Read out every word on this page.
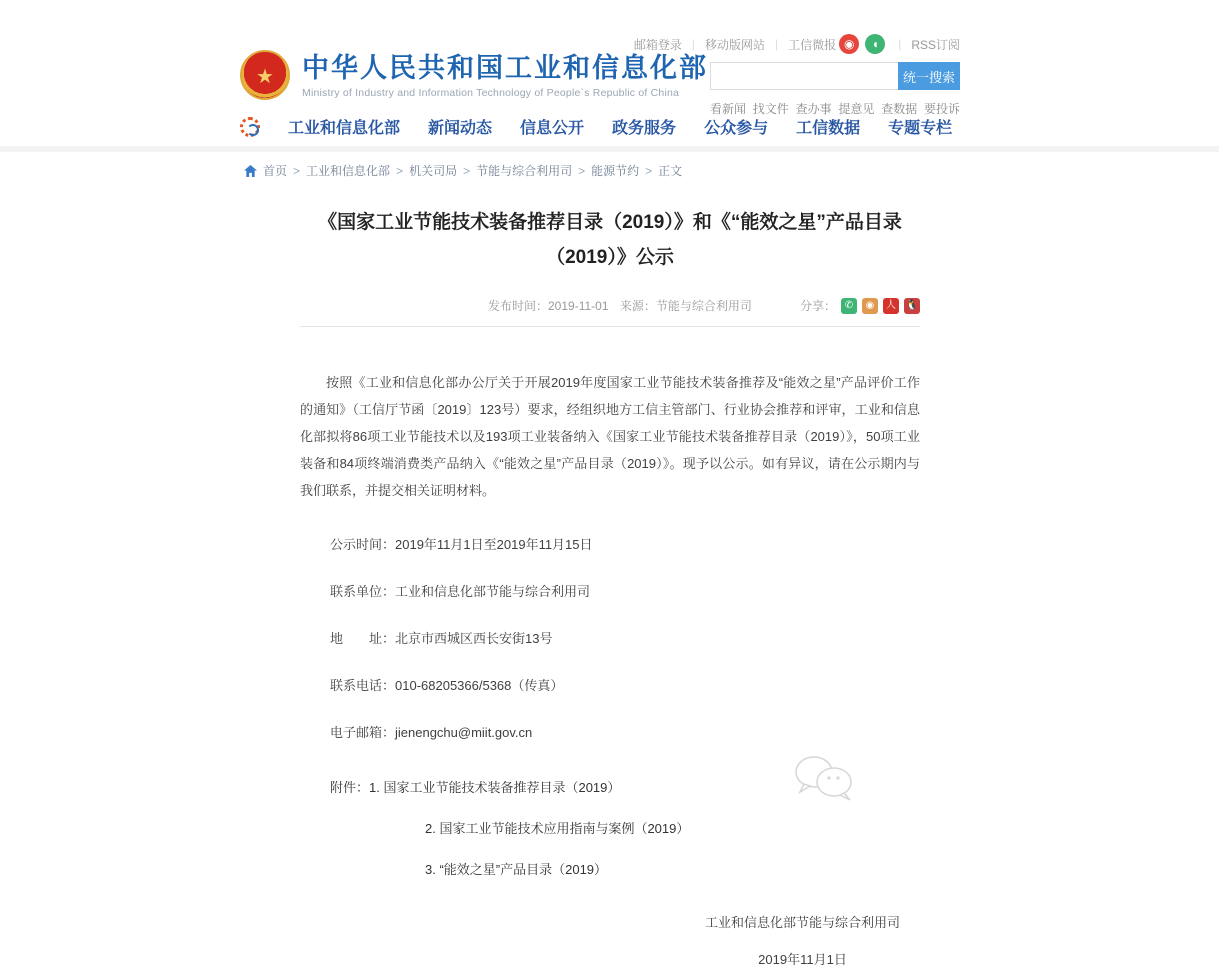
邮箱登录 | 移动版网站 | 工信微报 ◉	◖	| RSS订阅
★	中华人民共和国工业和信息化部
Ministry of Industry and Information Technology of People`s Republic of China
统一搜索
看新闻 找文件 查办事 提意见 查数据 要投诉
工业和信息化部 新闻动态 信息公开 政务服务 公众参与 工信数据 专题专栏
首页 > 工业和信息化部 > 机关司局 > 节能与综合利用司 > 能源节约 > 正文
《国家工业节能技术装备推荐目录（2019）》和《“能效之星”产品目录（2019）》公示
发布时间：2019-11-01 来源：节能与综合利用司	分享： ✆	◉	人 🐧

按照《工业和信息化部办公厅关于开展2019年度国家工业节能技术装备推荐及“能效之星”产品评价工作的通知》（工信厅节函〔2019〕123号）要求，经组织地方工信主管部门、行业协会推荐和评审，工业和信息化部拟将86项工业节能技术以及193项工业装备纳入《国家工业节能技术装备推荐目录（2019）》，50项工业装备和84项终端消费类产品纳入《“能效之星”产品目录（2019）》。现予以公示。如有异议，请在公示期内与我们联系，并提交相关证明材料。

公示时间：2019年11月1日至2019年11月15日

联系单位：工业和信息化部节能与综合利用司

地　　址：北京市西城区西长安街13号

联系电话：010-68205366/5368（传真）

电子邮箱：jienengchu@miit.gov.cn

附件：1. 国家工业节能技术装备推荐目录（2019）

2. 国家工业节能技术应用指南与案例（2019）

3. “能效之星”产品目录（2019）

工业和信息化部节能与综合利用司
2019年11月1日
